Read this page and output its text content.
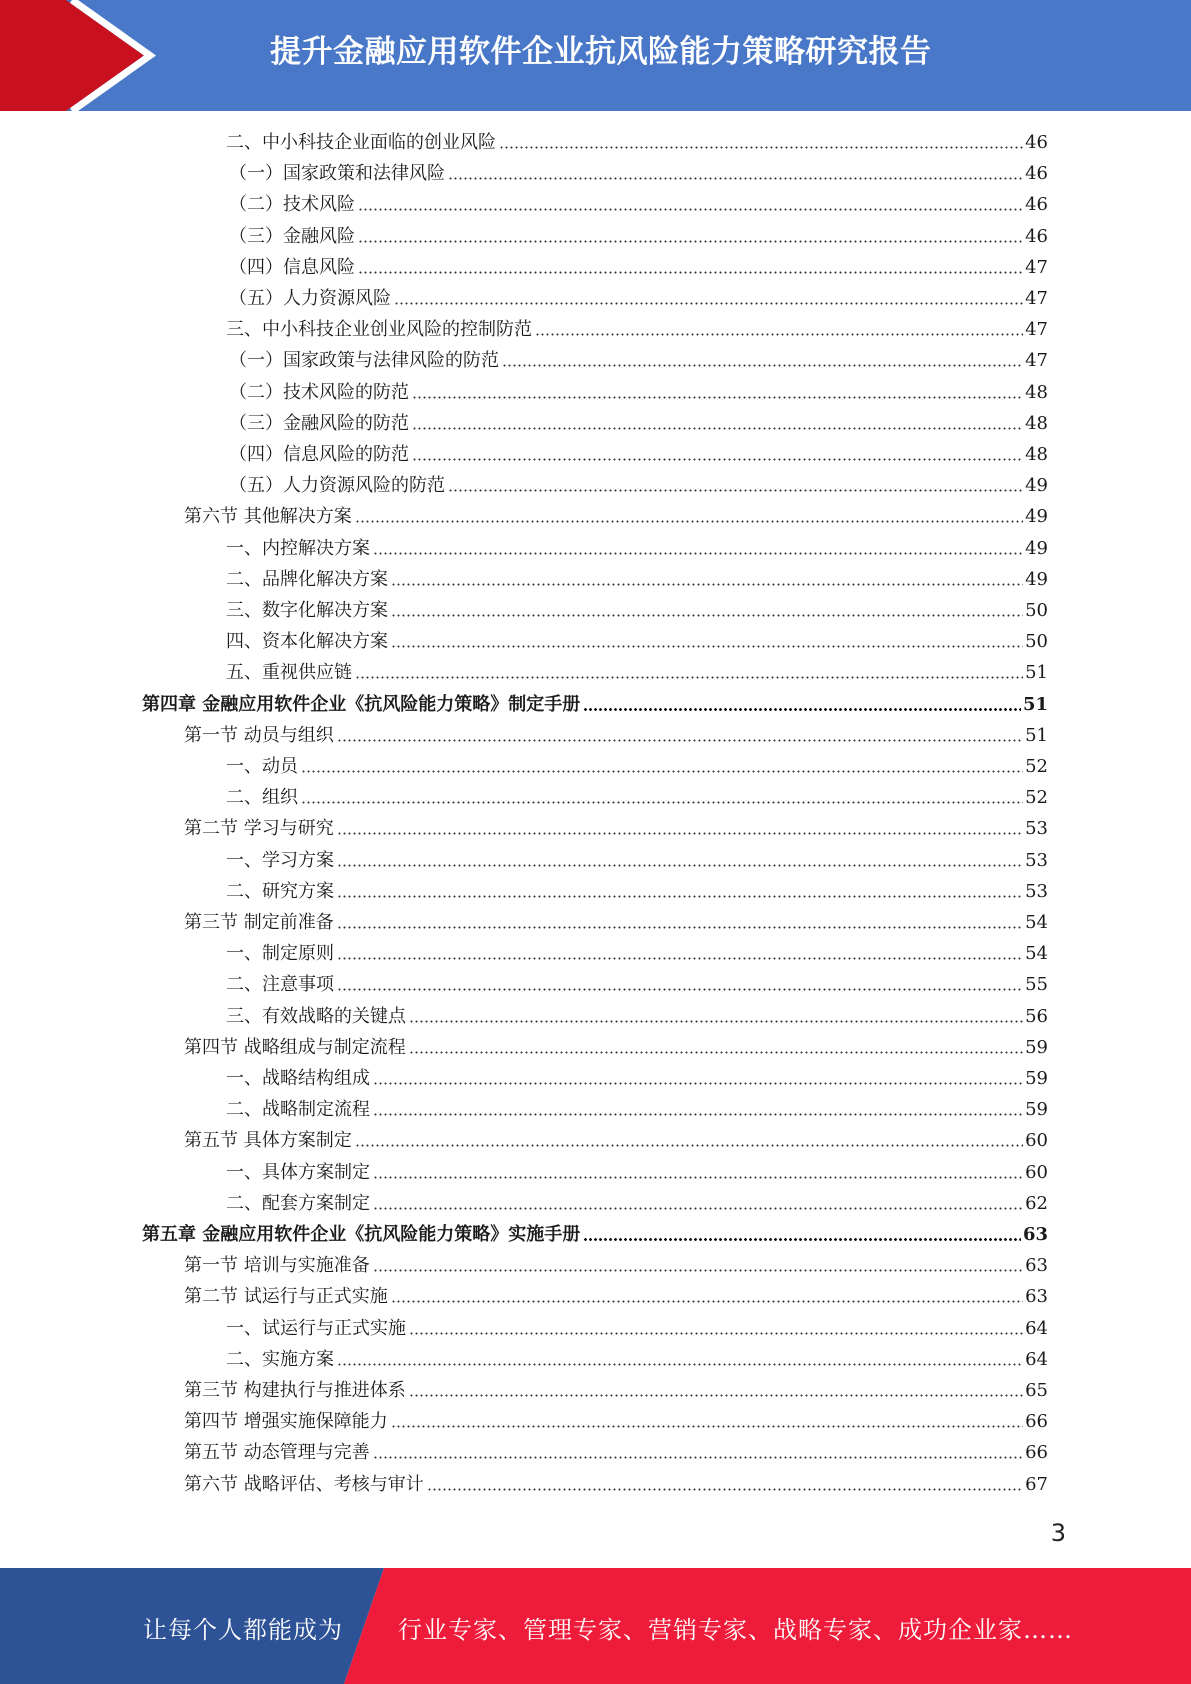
提升金融应用软件企业抗风险能力策略研究报告
二、中小科技企业面临的创业风险	46
（一）国家政策和法律风险	46
（二）技术风险	46
（三）金融风险	46
（四）信息风险	47
（五）人力资源风险	47
三、中小科技企业创业风险的控制防范	47
（一）国家政策与法律风险的防范	47
（二）技术风险的防范	48
（三）金融风险的防范	48
（四）信息风险的防范	48
（五）人力资源风险的防范	49
第六节 其他解决方案	49
一、内控解决方案	49
二、品牌化解决方案	49
三、数字化解决方案	50
四、资本化解决方案	50
五、重视供应链	51
第四章 金融应用软件企业《抗风险能力策略》制定手册	51
第一节 动员与组织	51
一、动员	52
二、组织	52
第二节 学习与研究	53
一、学习方案	53
二、研究方案	53
第三节 制定前准备	54
一、制定原则	54
二、注意事项	55
三、有效战略的关键点	56
第四节 战略组成与制定流程	59
一、战略结构组成	59
二、战略制定流程	59
第五节 具体方案制定	60
一、具体方案制定	60
二、配套方案制定	62
第五章 金融应用软件企业《抗风险能力策略》实施手册	63
第一节 培训与实施准备	63
第二节 试运行与正式实施	63
一、试运行与正式实施	64
二、实施方案	64
第三节 构建执行与推进体系	65
第四节 增强实施保障能力	66
第五节 动态管理与完善	66
第六节 战略评估、考核与审计	67
3
让每个人都能成为 行业专家、管理专家、营销专家、战略专家、成功企业家……
